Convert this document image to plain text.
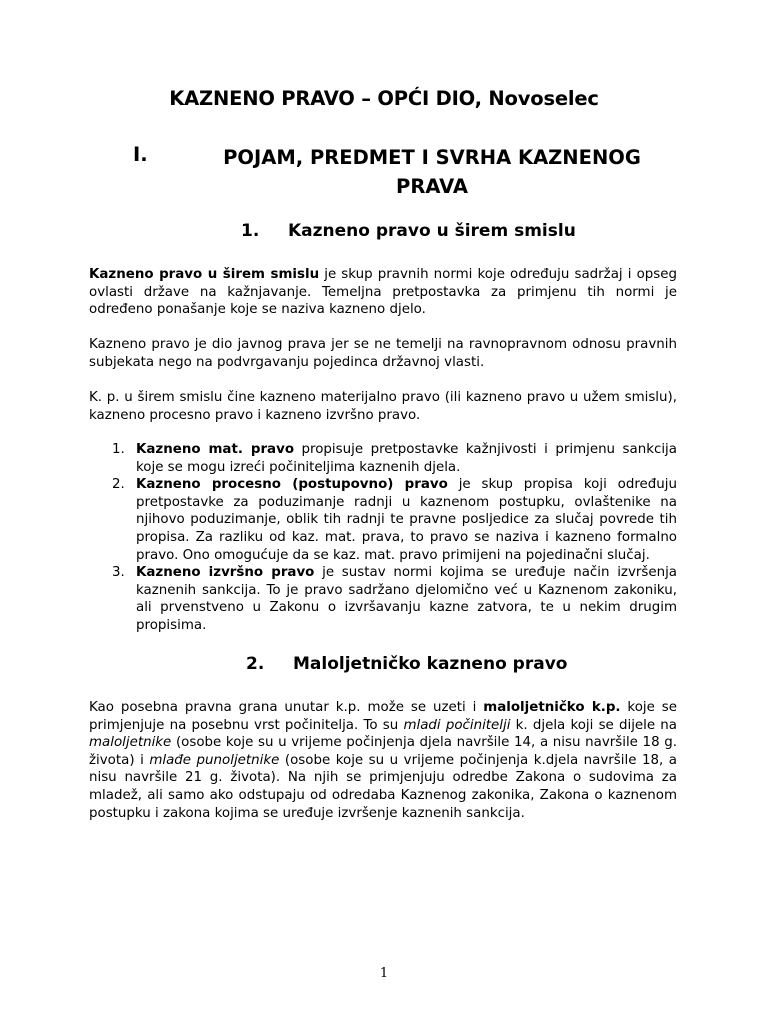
KAZNENO PRAVO – OPĆI DIO, Novoselec
I.	POJAM, PREDMET I SVRHA KAZNENOG PRAVA
1. Kazneno pravo u širem smislu
Kazneno pravo u širem smislu je skup pravnih normi koje određuju sadržaj i opseg ovlasti države na kažnjavanje. Temeljna pretpostavka za primjenu tih normi je određeno ponašanje koje se naziva kazneno djelo.
Kazneno pravo je dio javnog prava jer se ne temelji na ravnopravnom odnosu pravnih subjekata nego na podvrgavanju pojedinca državnoj vlasti.
K. p. u širem smislu čine kazneno materijalno pravo (ili kazneno pravo u užem smislu), kazneno procesno pravo i kazneno izvršno pravo.
1. Kazneno mat. pravo propisuje pretpostavke kažnjivosti i primjenu sankcija koje se mogu izreći počiniteljima kaznenih djela.
2. Kazneno procesno (postupovno) pravo je skup propisa koji određuju pretpostavke za poduzimanje radnji u kaznenom postupku, ovlaštenike na njihovo poduzimanje, oblik tih radnji te pravne posljedice za slučaj povrede tih propisa. Za razliku od kaz. mat. prava, to pravo se naziva i kazneno formalno pravo. Ono omogućuje da se kaz. mat. pravo primijeni na pojedinačni slučaj.
3. Kazneno izvršno pravo je sustav normi kojima se uređuje način izvršenja kaznenih sankcija. To je pravo sadržano djelomično već u Kaznenom zakoniku, ali prvenstveno u Zakonu o izvršavanju kazne zatvora, te u nekim drugim propisima.
2. Maloljetničko kazneno pravo
Kao posebna pravna grana unutar k.p. može se uzeti i maloljetničko k.p. koje se primjenjuje na posebnu vrst počinitelja. To su mladi počinitelji k. djela koji se dijele na maloljetnike (osobe koje su u vrijeme počinjenja djela navršile 14, a nisu navršile 18 g. života) i mlađe punoljetnike (osobe koje su u vrijeme počinjenja k.djela navršile 18, a nisu navršile 21 g. života). Na njih se primjenjuju odredbe Zakona o sudovima za mladež, ali samo ako odstupaju od odredaba Kaznenog zakonika, Zakona o kaznenom postupku i zakona kojima se uređuje izvršenje kaznenih sankcija.
1
